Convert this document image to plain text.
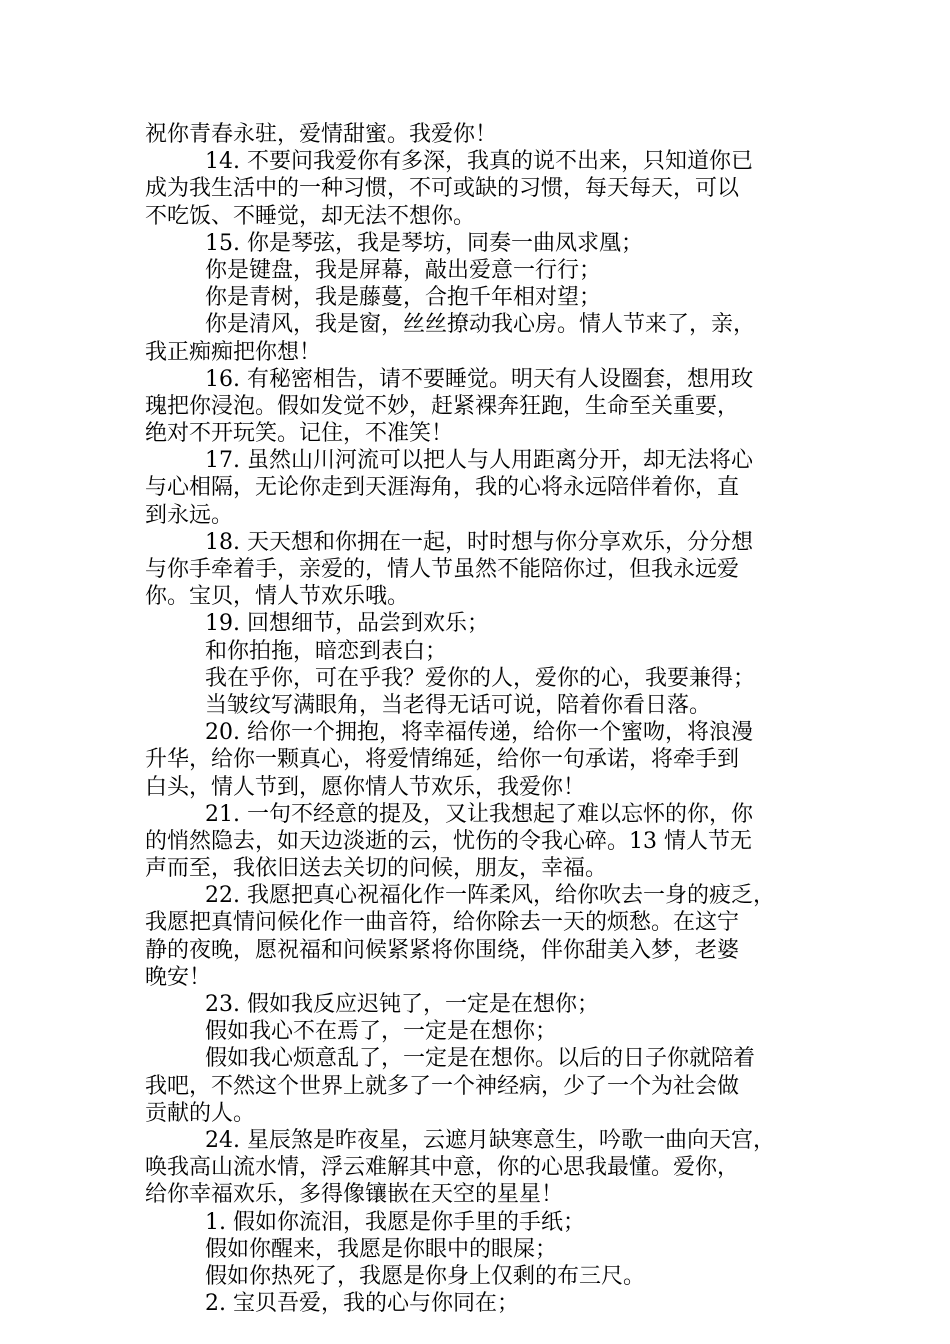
祝你青春永驻，爱情甜蜜。我爱你！
14. 不要问我爱你有多深，我真的说不出来，只知道你已
成为我生活中的一种习惯，不可或缺的习惯，每天每天，可以
不吃饭、不睡觉，却无法不想你。
15. 你是琴弦，我是琴坊，同奏一曲凤求凰；
你是键盘，我是屏幕，敲出爱意一行行；
你是青树，我是藤蔓，合抱千年相对望；
你是清风，我是窗，丝丝撩动我心房。情人节来了，亲，
我正痴痴把你想！
16. 有秘密相告，请不要睡觉。明天有人设圈套，想用玫
瑰把你浸泡。假如发觉不妙，赶紧裸奔狂跑，生命至关重要，
绝对不开玩笑。记住，不准笑！
17. 虽然山川河流可以把人与人用距离分开，却无法将心
与心相隔，无论你走到天涯海角，我的心将永远陪伴着你，直
到永远。
18. 天天想和你拥在一起，时时想与你分享欢乐，分分想
与你手牵着手，亲爱的，情人节虽然不能陪你过，但我永远爱
你。宝贝，情人节欢乐哦。
19. 回想细节，品尝到欢乐；
和你拍拖，暗恋到表白；
我在乎你，可在乎我？爱你的人，爱你的心，我要兼得；
当皱纹写满眼角，当老得无话可说，陪着你看日落。
20. 给你一个拥抱，将幸福传递，给你一个蜜吻，将浪漫
升华，给你一颗真心，将爱情绵延，给你一句承诺，将牵手到
白头，情人节到，愿你情人节欢乐，我爱你！
21. 一句不经意的提及，又让我想起了难以忘怀的你，你
的悄然隐去，如天边淡逝的云，忧伤的令我心碎。13 情人节无
声而至，我依旧送去关切的问候，朋友，幸福。
22. 我愿把真心祝福化作一阵柔风，给你吹去一身的疲乏，
我愿把真情问候化作一曲音符，给你除去一天的烦愁。在这宁
静的夜晚，愿祝福和问候紧紧将你围绕，伴你甜美入梦，老婆
晚安！
23. 假如我反应迟钝了，一定是在想你；
假如我心不在焉了，一定是在想你；
假如我心烦意乱了，一定是在想你。以后的日子你就陪着
我吧，不然这个世界上就多了一个神经病，少了一个为社会做
贡献的人。
24. 星辰煞是昨夜星，云遮月缺寒意生，吟歌一曲向天宫，
唤我高山流水情，浮云难解其中意，你的心思我最懂。爱你，
给你幸福欢乐，多得像镶嵌在天空的星星！
1. 假如你流泪，我愿是你手里的手纸；
假如你醒来，我愿是你眼中的眼屎；
假如你热死了，我愿是你身上仅剩的布三尺。
2. 宝贝吾爱，我的心与你同在；
